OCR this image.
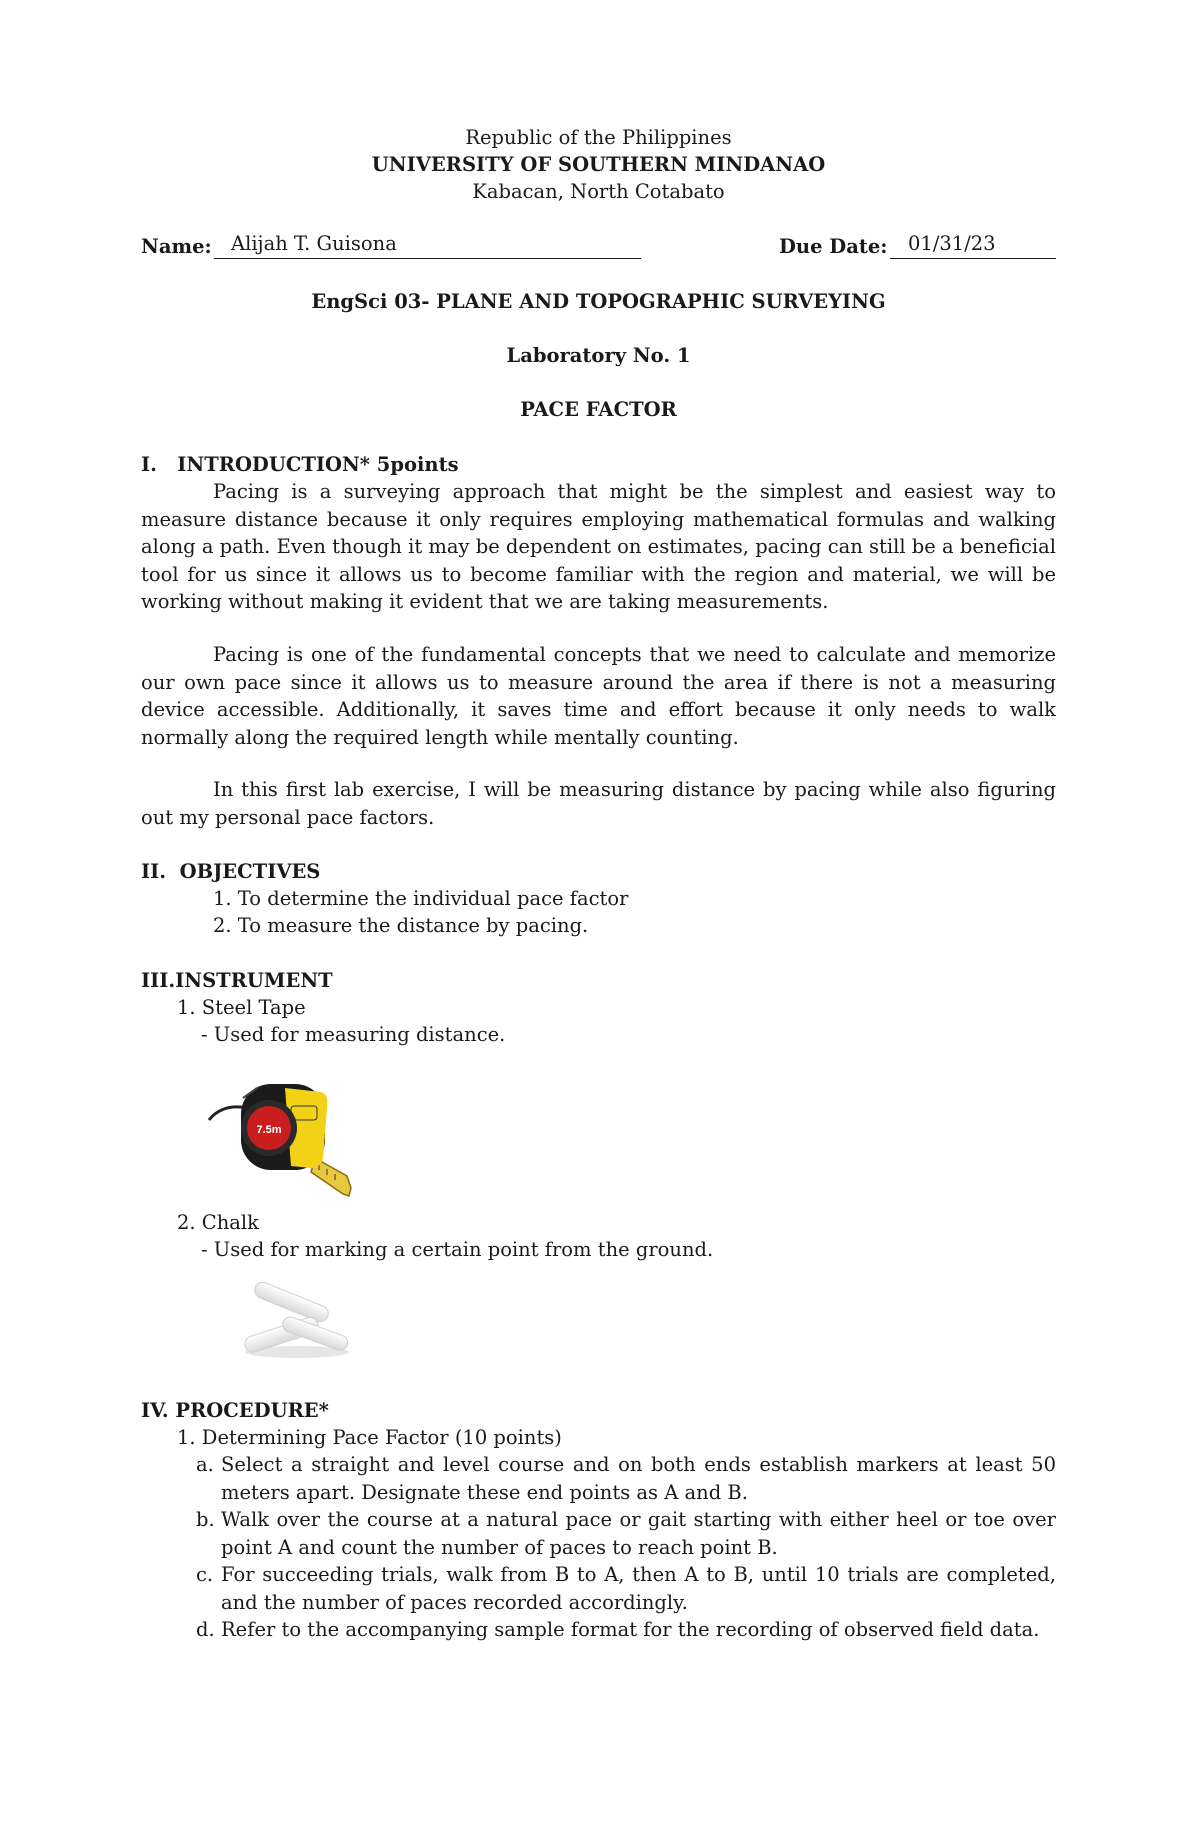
Republic of the Philippines
UNIVERSITY OF SOUTHERN MINDANAO
Kabacan, North Cotabato
Name: Alijah T. Guisona	Due Date: 01/31/23
EngSci 03- PLANE AND TOPOGRAPHIC SURVEYING
Laboratory No. 1
PACE FACTOR
I.   INTRODUCTION* 5points
Pacing is a surveying approach that might be the simplest and easiest way to measure distance because it only requires employing mathematical formulas and walking along a path. Even though it may be dependent on estimates, pacing can still be a beneficial tool for us since it allows us to become familiar with the region and material, we will be working without making it evident that we are taking measurements.
Pacing is one of the fundamental concepts that we need to calculate and memorize our own pace since it allows us to measure around the area if there is not a measuring device accessible. Additionally, it saves time and effort because it only needs to walk normally along the required length while mentally counting.
In this first lab exercise, I will be measuring distance by pacing while also figuring out my personal pace factors.
II.  OBJECTIVES
1. To determine the individual pace factor
2. To measure the distance by pacing.
III.INSTRUMENT
1. Steel Tape
- Used for measuring distance.
7.5m
2. Chalk
- Used for marking a certain point from the ground.
IV. PROCEDURE*
1. Determining Pace Factor (10 points)
a. Select a straight and level course and on both ends establish markers at least 50 meters apart. Designate these end points as A and B.
b. Walk over the course at a natural pace or gait starting with either heel or toe over point A and count the number of paces to reach point B.
c. For succeeding trials, walk from B to A, then A to B, until 10 trials are completed, and the number of paces recorded accordingly.
d. Refer to the accompanying sample format for the recording of observed field data.
